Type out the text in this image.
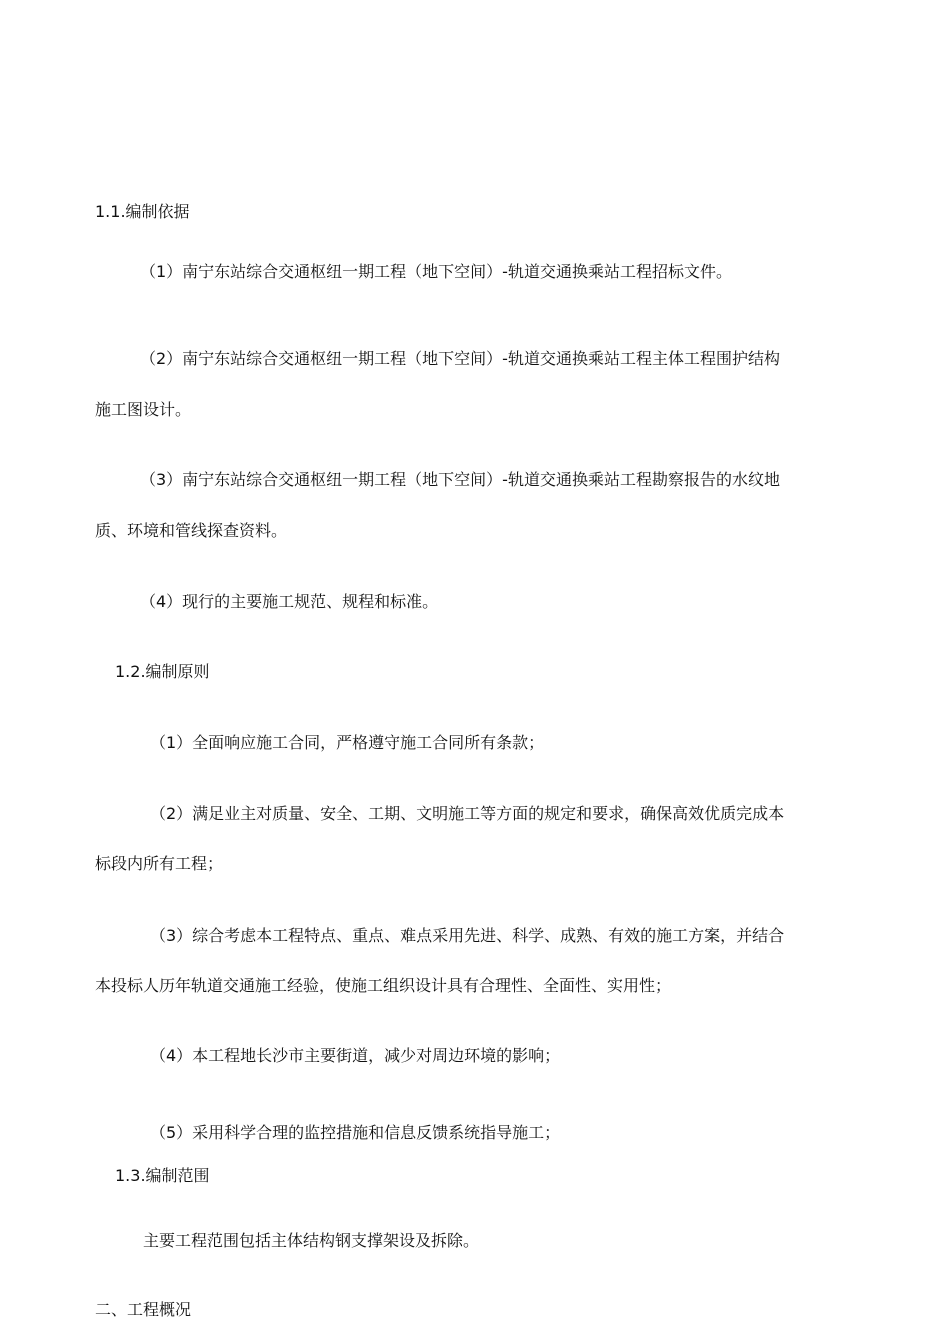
1.1.编制依据
（1）南宁东站综合交通枢纽一期工程（地下空间）-轨道交通换乘站工程招标文件。
（2）南宁东站综合交通枢纽一期工程（地下空间）-轨道交通换乘站工程主体工程围护结构
施工图设计。
（3）南宁东站综合交通枢纽一期工程（地下空间）-轨道交通换乘站工程勘察报告的水纹地
质、环境和管线探查资料。
（4）现行的主要施工规范、规程和标准。
1.2.编制原则
（1）全面响应施工合同，严格遵守施工合同所有条款；
（2）满足业主对质量、安全、工期、文明施工等方面的规定和要求，确保高效优质完成本
标段内所有工程；
（3）综合考虑本工程特点、重点、难点采用先进、科学、成熟、有效的施工方案，并结合
本投标人历年轨道交通施工经验，使施工组织设计具有合理性、全面性、实用性；
（4）本工程地长沙市主要街道，减少对周边环境的影响；
（5）采用科学合理的监控措施和信息反馈系统指导施工；
1.3.编制范围
主要工程范围包括主体结构钢支撑架设及拆除。
二、工程概况
